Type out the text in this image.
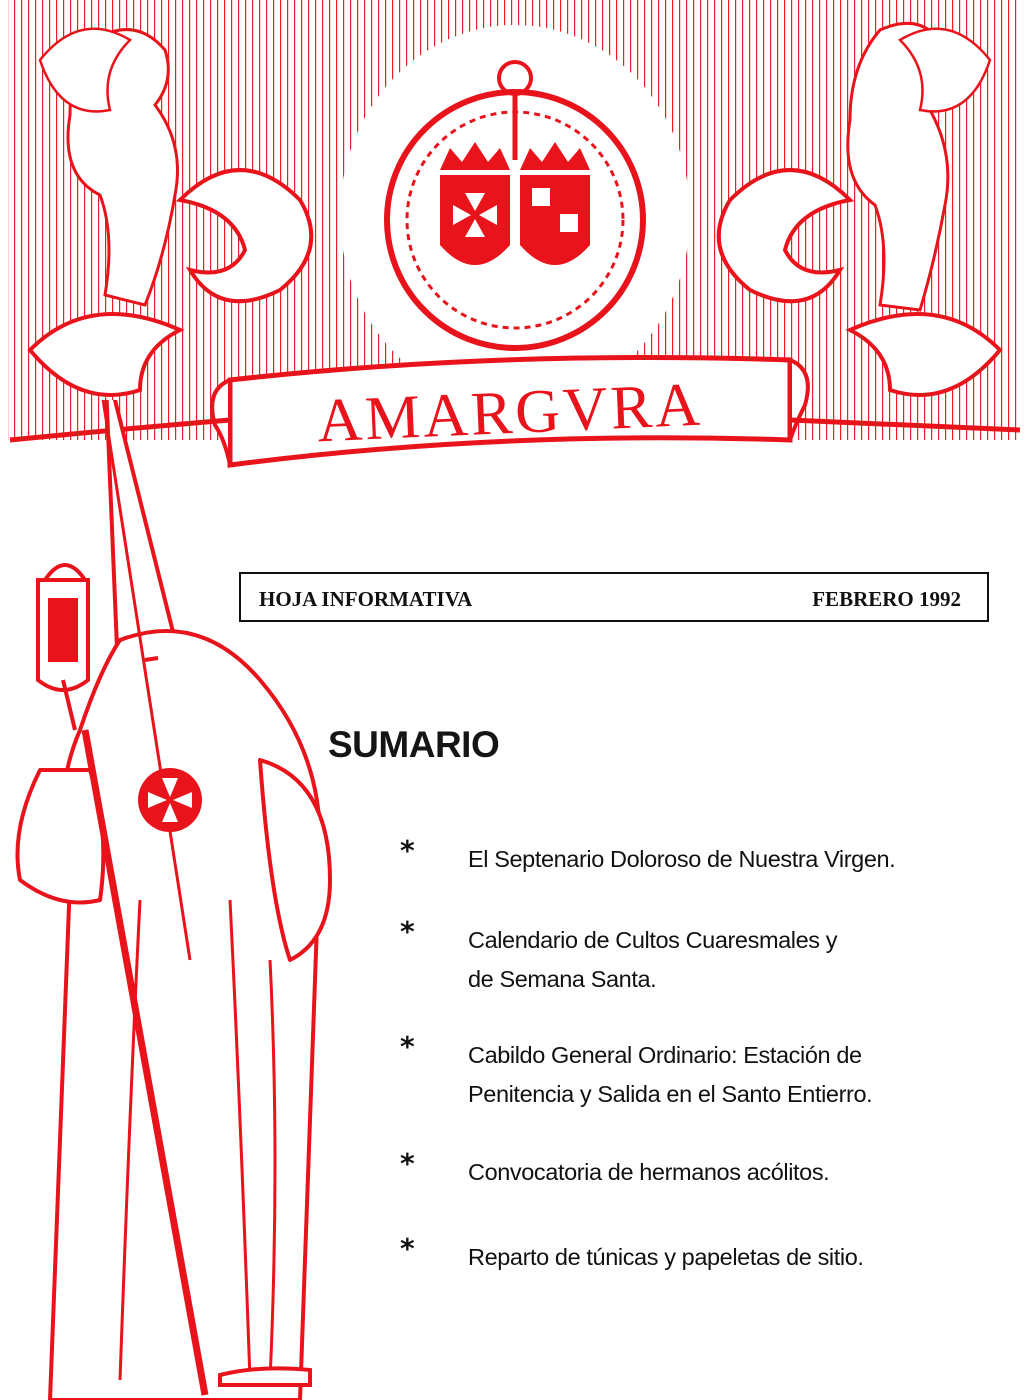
AMARGVRA
HOJA INFORMATIVA	FEBRERO 1992
SUMARIO
* El Septenario Doloroso de Nuestra Virgen.
* Calendario de Cultos Cuaresmales y
de Semana Santa.
* Cabildo General Ordinario: Estación de
Penitencia y Salida en el Santo Entierro.
* Convocatoria de hermanos acólitos.
* Reparto de túnicas y papeletas de sitio.
